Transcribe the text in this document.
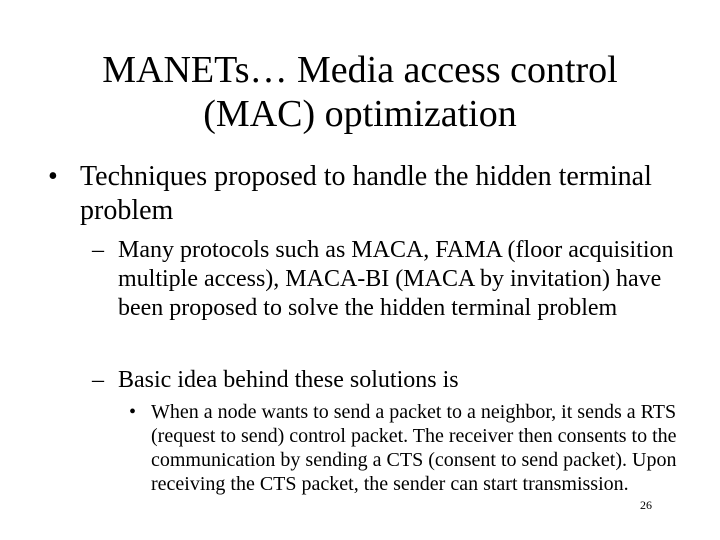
MANETs… Media access control
(MAC) optimization
• Techniques proposed to handle the hidden terminal problem
– Many protocols such as MACA, FAMA (floor acquisition multiple access), MACA-BI (MACA by invitation) have been proposed to solve the hidden terminal problem
– Basic idea behind these solutions is
• When a node wants to send a packet to a neighbor, it sends a RTS (request to send) control packet. The receiver then consents to the communication by sending a CTS (consent to send packet). Upon receiving the CTS packet, the sender can start transmission.
26
